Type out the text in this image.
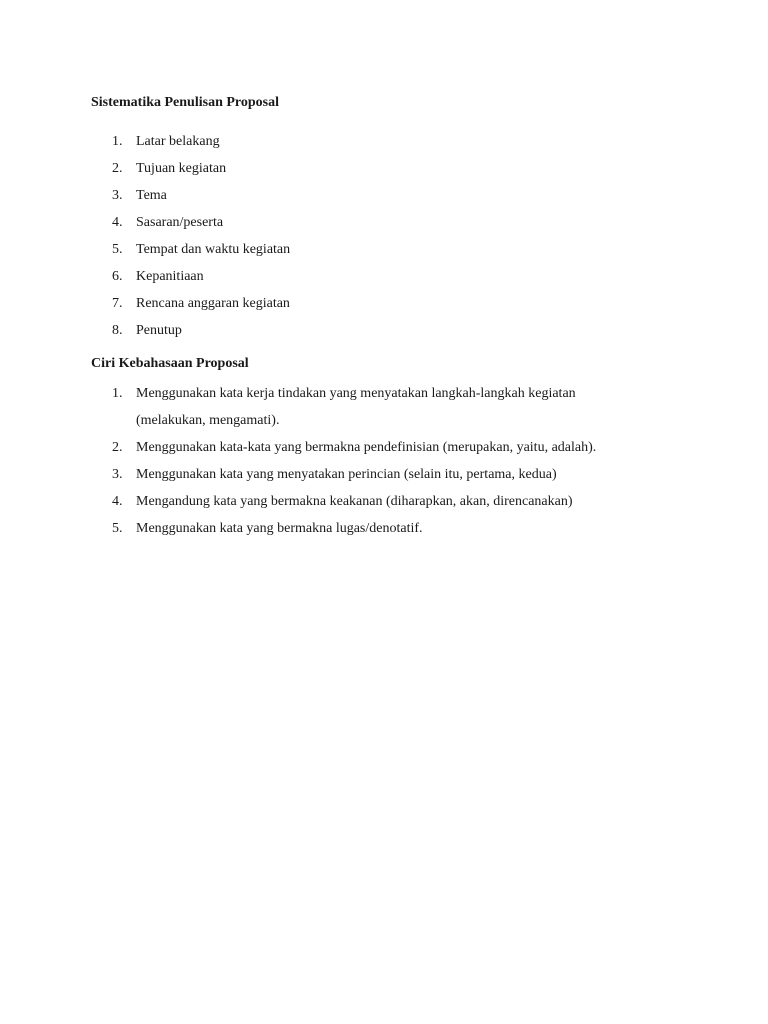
Sistematika Penulisan Proposal
1. Latar belakang
2. Tujuan kegiatan
3. Tema
4. Sasaran/peserta
5. Tempat dan waktu kegiatan
6. Kepanitiaan
7. Rencana anggaran kegiatan
8. Penutup
Ciri Kebahasaan Proposal
1. Menggunakan kata kerja tindakan yang menyatakan langkah-langkah kegiatan
(melakukan, mengamati).
2. Menggunakan kata-kata yang bermakna pendefinisian (merupakan, yaitu, adalah).
3. Menggunakan kata yang menyatakan perincian (selain itu, pertama, kedua)
4. Mengandung kata yang bermakna keakanan (diharapkan, akan, direncanakan)
5. Menggunakan kata yang bermakna lugas/denotatif.
